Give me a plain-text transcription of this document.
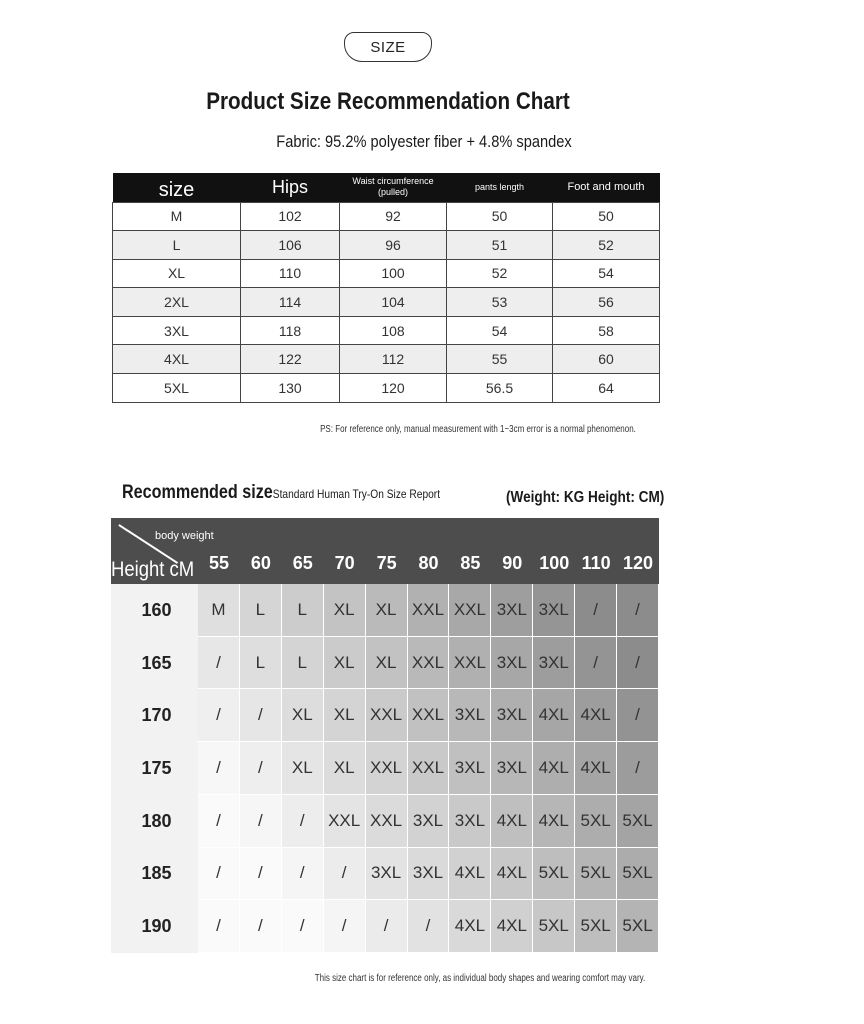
SIZE
Product Size Recommendation Chart
Fabric: 95.2% polyester fiber + 4.8% spandex
size	Hips	Waist circumference (pulled)	pants length	Foot and mouth
M	102	92	50	50
L	106	96	51	52
XL	110	100	52	54
2XL	114	104	53	56
3XL	118	108	54	58
4XL	122	112	55	60
5XL	130	120	56.5	64
PS: For reference only, manual measurement with 1~3cm error is a normal phenomenon.
Recommended sizeStandard Human Try-On Size Report	(Weight: KG Height: CM)
body weight
Height cM 55	60	65	70	75	80	85	90 100 110 120
160	M	L	L	XL	XL XXL XXL 3XL 3XL	/	/
165	/	L	L	XL	XL XXL XXL 3XL 3XL	/	/
170	/	/	XL	XL XXL XXL 3XL 3XL 4XL 4XL	/
175	/	/	XL	XL XXL XXL 3XL 3XL 4XL 4XL	/
180	/	/	/	XXL XXL 3XL 3XL 4XL 4XL 5XL 5XL
185	/	/	/	/	3XL 3XL 4XL 4XL 5XL 5XL 5XL
190	/	/	/	/	/	/	4XL 4XL 5XL 5XL 5XL
This size chart is for reference only, as individual body shapes and wearing comfort may vary.
